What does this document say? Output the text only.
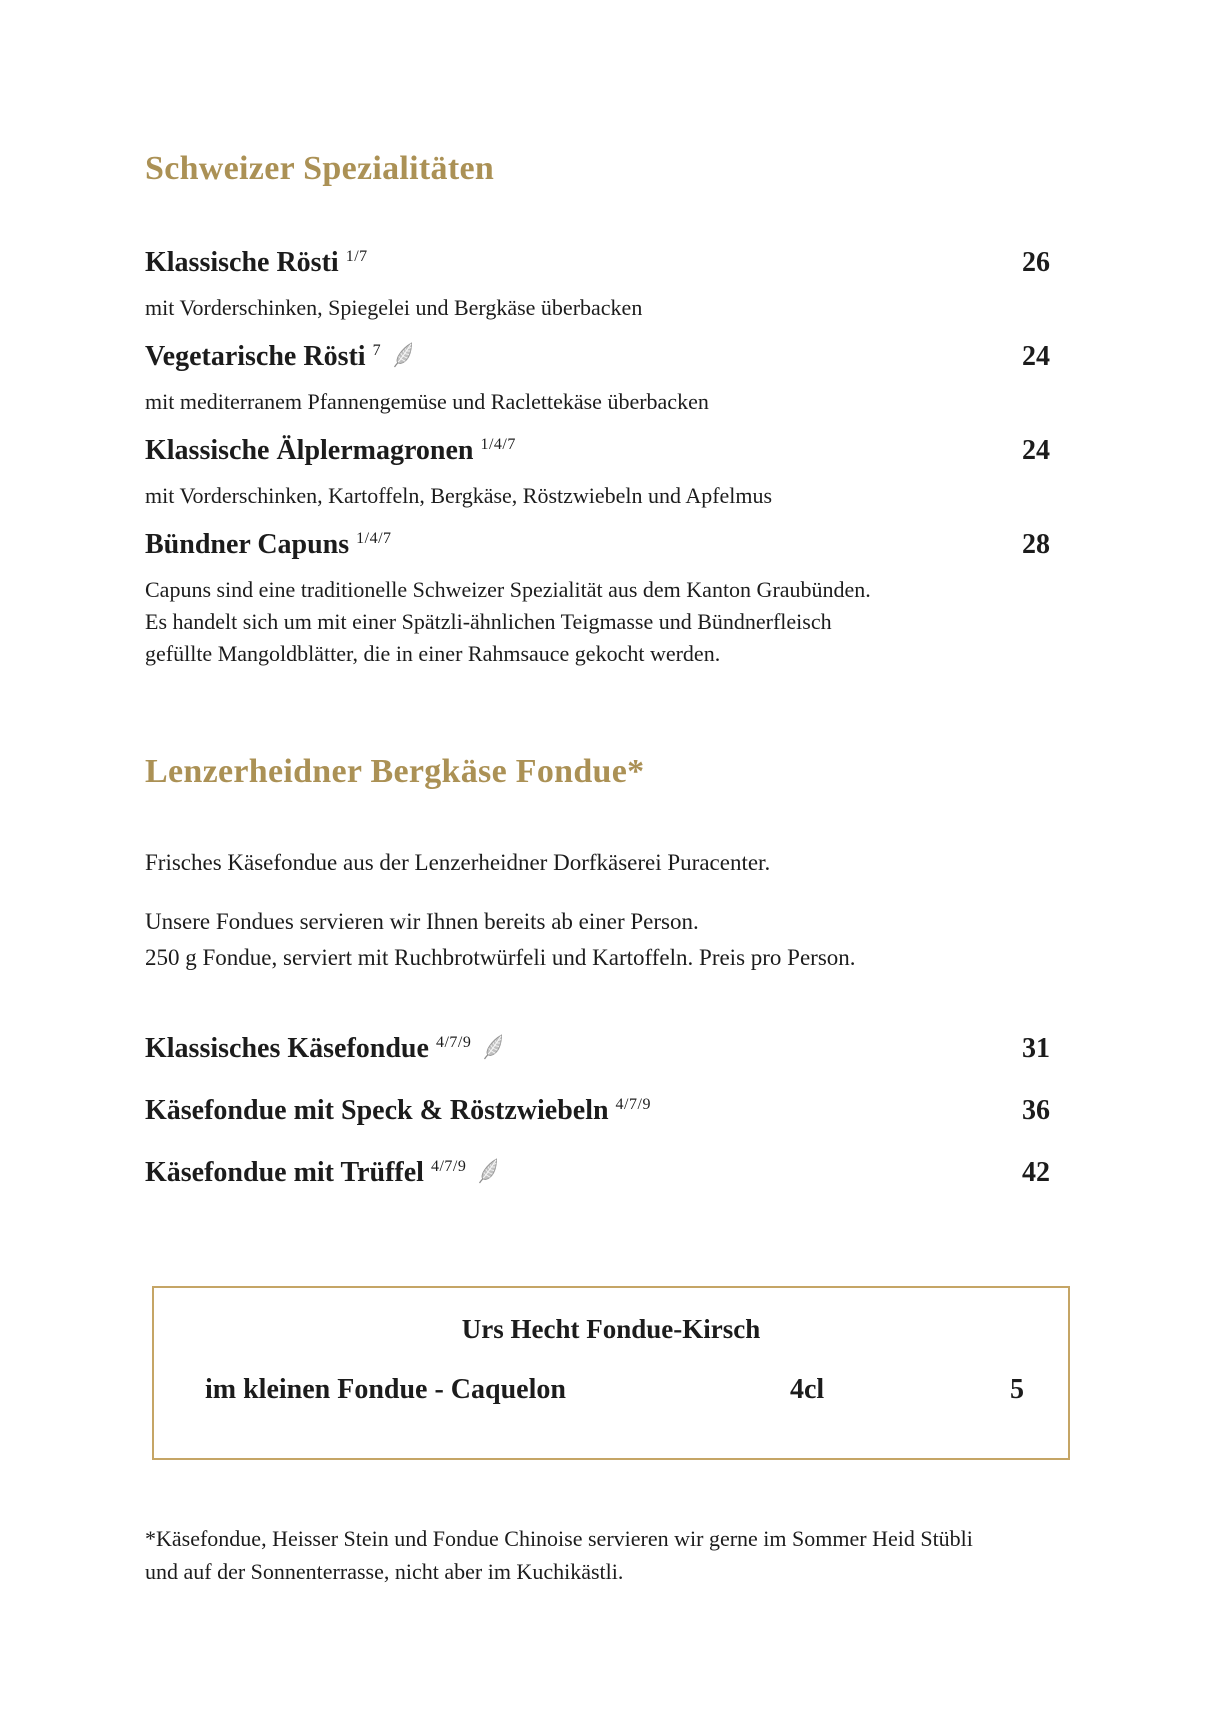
Schweizer Spezialitäten
Klassische Rösti $^{1/7}$	26
mit Vorderschinken, Spiegelei und Bergkäse überbacken
Vegetarische Rösti $^7$	24
mit mediterranem Pfannengemüse und Raclettekäse überbacken
Klassische Älplermagronen $^{1/4/7}$	24
mit Vorderschinken, Kartoffeln, Bergkäse, Röstzwiebeln und Apfelmus
Bündner Capuns $^{1/4/7}$	28
Capuns sind eine traditionelle Schweizer Spezialität aus dem Kanton Graubünden.
Es handelt sich um mit einer Spätzli-ähnlichen Teigmasse und Bündnerfleisch
gefüllte Mangoldblätter, die in einer Rahmsauce gekocht werden.
Lenzerheidner Bergkäse Fondue*

Frisches Käsefondue aus der Lenzerheidner Dorfkäserei Puracenter.

Unsere Fondues servieren wir Ihnen bereits ab einer Person.
250 g Fondue, serviert mit Ruchbrotwürfeli und Kartoffeln. Preis pro Person.
Klassisches Käsefondue $^{4/7/9}$	31
Käsefondue mit Speck & Röstzwiebeln $^{4/7/9}$	36
Käsefondue mit Trüffel $^{4/7/9}$	42
Urs Hecht Fondue-Kirsch
im kleinen Fondue - Caquelon	4cl	5
*Käsefondue, Heisser Stein und Fondue Chinoise servieren wir gerne im Sommer Heid Stübli
und auf der Sonnenterrasse, nicht aber im Kuchikästli.
